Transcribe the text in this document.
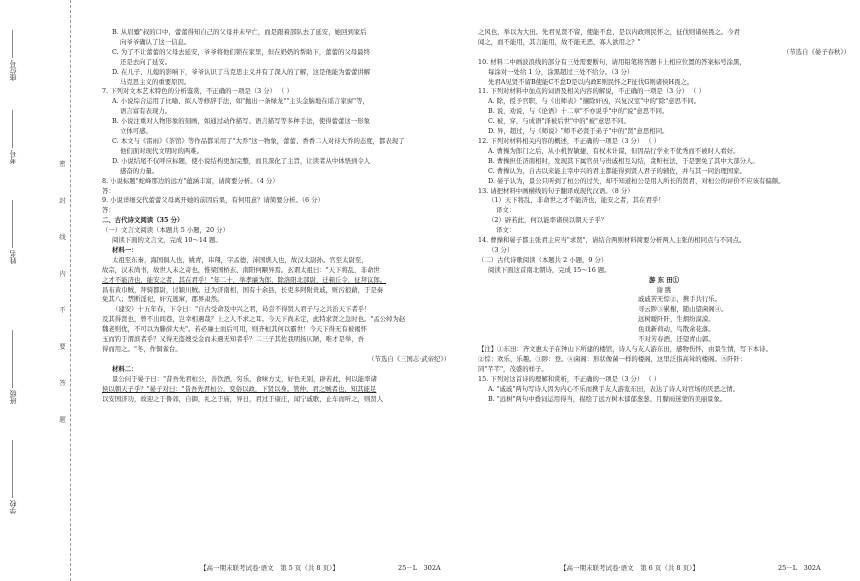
座位号
考号
姓名
班级
学校
密 封 线 内 不 要 答 题

B. 从眉蹙"叔的口中，蕾蕾得知自己的父母并未早亡，而是跟着部队去了延安，她回到家后

向爷爷确认了这一信息。

C. 为了不让蕾蕾的父母去延安，爷爷将他们锁在家里，但在奶奶的帮助下，蕾蕾的父母最终

还是去向了延安。

D. 在儿子、儿媳的影响下，爷爷认识了马克思主义并有了深入的了解，这是他能为蕾蕾讲解

马克思主义的重要原因。

7. 下列对文本艺术特色的分析鉴赏，不正确的一项是（3 分） （ ）

A. 小说综合运用了比喻、拟人等修辞手法，如"抛出一条绿龙""主头金脑地在谣言家窗"等，

语言富有表现力。

B. 小说注重对人物形象的刻画，如通过动作描写、语言描写等多种手法，使得蕾蕾这一形象

立体可感。

C. 本文与《雷雨》《茶馆》等作品都采用了"大乔"这一物象，蕾蕾、香香二人对待大乔的态度，都表现了

他们面对现代文明时的两难。

D. 小说结尾不仅呼应标题，使小说结构更加完整，而且深化了主旨，让读者从中体悟到令人

感奋的力量。

8. 小说标题"蛇峰那边的远方"蕴涵丰富，请简要分析。（4 分）

答：

9. 小说详细交代蕾蕾父母离开她的前因后果，有何用意？请简要分析。（6 分）

答：

二、古代诗文阅读（35 分）

（一）文言文阅读（本题共 5 小题，20 分）

阅读下面的文言文，完成 10～14 题。

材料一：

太祖至东秦，海国俱人也，姚青，讳翔，字孟德，沛国谯人也，故汉太尉孙。官至太尉至，

故宗，汉末尚书，故世人未之奇也，惟梁国桥玄、南阳何颙异焉。玄谓太祖曰："天下将乱，非命世

之才不能济也，能安之者，其在君乎！"年二十，举孝廉为郎，除洛阳北部尉，迁顿丘令，征拜议郎。

昌布黄巾贼，拜骑都尉，讨颖川贼。迁为济南相，国有十余县，长吏多阿附贵戚，赃污狼藉，于是奏

免其八；禁断淫祀，奸宄逃窜，郡界肃然。

（建安）十五年春，下令曰："自古受命及中兴之君，曷尝不得贤人君子与之共治天下者乎！

及其得贤也，曾不出闾巷，岂幸相遇哉？上之人不求之耳。今天下尚未定，此特求贤之急时也。"孟公绰为赵

魏老则优，不可以为滕薛大夫"。若必廉士而后可用，则齐桓其何以霸世！今天下得无有被褐怀

玉而钓于渭滨者乎？又得无盗嫂受金而未遇无知者乎？二三子其佐我明扬仄陋，唯才是举，吾

得而用之。"冬，作铜雀台。

（节选自《三国志·武帝纪》）

材料二：

景公问于晏子曰："昔吾先君桓公，善饮酒，穷乐，食味方丈，好色无别，辟若此，何以能率诸

侯以朝天子乎？"晏子对曰："昔吾先君桓公，变俗以政，下贤以身。管仲，君之贼者也，知其能足

以安国济功，故迎之于鲁郊，自御，礼之于庙，异日，君过于康庄，闻宁戚歌，止车而听之，则贤人

之风也，举以为大田。先君见贤不留，使能不怠，是以内政则民怀之，征伐则诸侯畏之。今君

闻之，而不能用，其言能用，故不能无恶，寡人欲用之？"

（节选自《晏子春秋》）

10. 材料二中画波浪线的部分有三处需要断句，请用铅笔将答题卡上相应位置的答案标号涂黑，

每涂对一处给 1 分，涂黑超过三处不给分。（3 分）

先君A见贤不留B使能C不怠D是以内政E则民怀之F征伐G则诸侯H畏之。

11. 下列对材料中加点的词语及相关内容的解说，不正确的一项是（3 分） （ ）

A. 除，授予官职，与《出师表》"攘除奸凶，兴复汉室"中的"除"意思不同。

B. 说，劝说，与《论语》十二章"不亦说乎"中的"说"意思不同。

C. 被，穿，与成语"泽被后世"中的"被"意思不同。

D. 异，超过，与《师说》"师不必贤于弟子"中的"贤"意思相同。

12. 下列对材料相关内容的概述，不正确的一项是（3 分） （ ）

A. 曹操为郎门之后，从小机智敏捷，有权术计谋，但因品行学业不优秀而不被时人看好。

B. 曹操担任济南相时，发现其下属官员与贵戚相互勾结，贪赃枉法，于是罢免了其中大部分人。

C. 曹操认为，自古以来能主宰中兴的君主都能得到贤人君子的辅佐，并与其一同治理国家。

D. 晏子认为，景公只听到了桓公的过失，却不知道桓公是用人所长的贤君，对桓公的评价不应该有偏颇。

13. 请把材料中画横线的句子翻译成现代汉语。（8 分）

（1）天下将乱，非命世之才不能济也，能安之者，其在君乎！

译文：

（2）辟若此，何以能率诸侯以朝天子乎？

译文：

14. 曹操和晏子都主张君主应当"求贤"，请结合两则材料简要分析两人主张的相同点与不同点。

（3 分）

（二）古代诗歌阅读（本题共 2 小题，9 分）

阅读下面这首南北朝诗，完成 15～16 题。

游 东 田①

谢 朓

戚戚苦无悰②，携手共行乐。

寻云陟③累榭，随山望菌阁④。

远树暧阡阡，生烟纷漠漠。

鱼戏新荷动，鸟散余花落。

不对芳春酒，还望青山郭。

【注】①东田：齐文惠太子在钟山下所建的楼馆，诗人与友人游东田，感物伤怀，由景生情，写下本诗。

②悰：欢乐，乐趣。③陟：登。④菌阁：形状像菌一样的楼阁，这里泛指高耸的楼阁。⑤阡阡：

同"芊芊"，茂盛的样子。

15. 下列对这首诗的理解和赏析，不正确的一项是（3 分） （ ）

A. "戚戚"两句写诗人因为内心不乐而携手友人游览东田，表达了诗人对官场的厌恶之情。

B. "远树"两句中叠词运用得当，描绘了远方树木郁郁葱葱、月朦雨迷蒙的美丽景象。

【高一期末联考试卷·语文　第 5 页（共 8 页）】	25－L　302A	【高一期末联考试卷·语文　第 6 页（共 8 页）】	25－L　302A
